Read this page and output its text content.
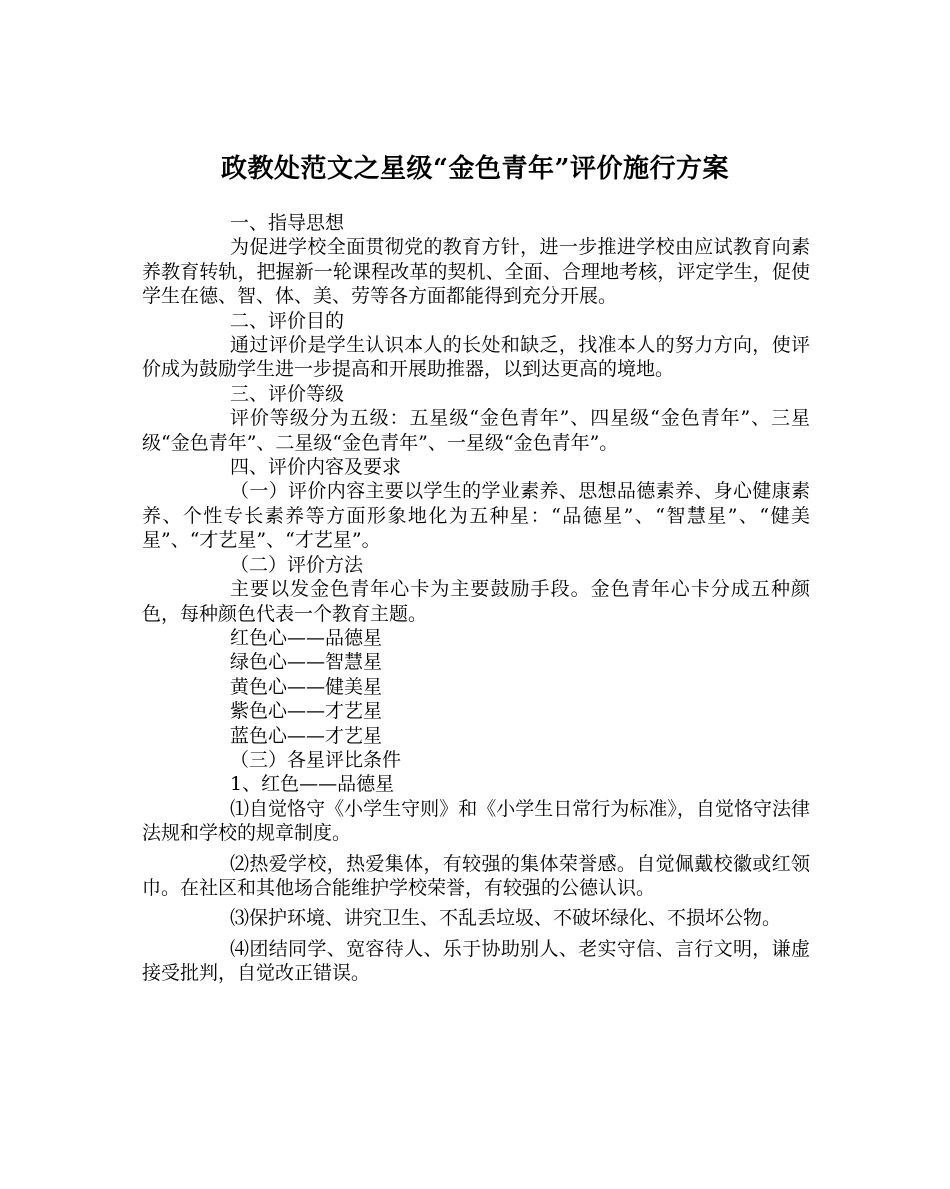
政教处范文之星级“金色青年”评价施行方案

一、指导思想

为促进学校全面贯彻党的教育方针，进一步推进学校由应试教育向素养教育转轨，把握新一轮课程改革的契机、全面、合理地考核，评定学生，促使学生在德、智、体、美、劳等各方面都能得到充分开展。

二、评价目的

通过评价是学生认识本人的长处和缺乏，找准本人的努力方向，使评价成为鼓励学生进一步提高和开展助推器，以到达更高的境地。

三、评价等级

评价等级分为五级：五星级“金色青年”、四星级“金色青年”、三星级“金色青年”、二星级“金色青年”、一星级“金色青年”。

四、评价内容及要求

（一）评价内容主要以学生的学业素养、思想品德素养、身心健康素养、个性专长素养等方面形象地化为五种星：“品德星”、“智慧星”、“健美星”、“才艺星”、“才艺星”。

（二）评价方法

主要以发金色青年心卡为主要鼓励手段。金色青年心卡分成五种颜色，每种颜色代表一个教育主题。

红色心——品德星

绿色心——智慧星

黄色心——健美星

紫色心——才艺星

蓝色心——才艺星

（三）各星评比条件

1、红色——品德星

⑴自觉恪守《小学生守则》和《小学生日常行为标准》，自觉恪守法律法规和学校的规章制度。

⑵热爱学校，热爱集体，有较强的集体荣誉感。自觉佩戴校徽或红领巾。在社区和其他场合能维护学校荣誉，有较强的公德认识。

⑶保护环境、讲究卫生、不乱丢垃圾、不破坏绿化、不损坏公物。

⑷团结同学、宽容待人、乐于协助别人、老实守信、言行文明，谦虚接受批判，自觉改正错误。
